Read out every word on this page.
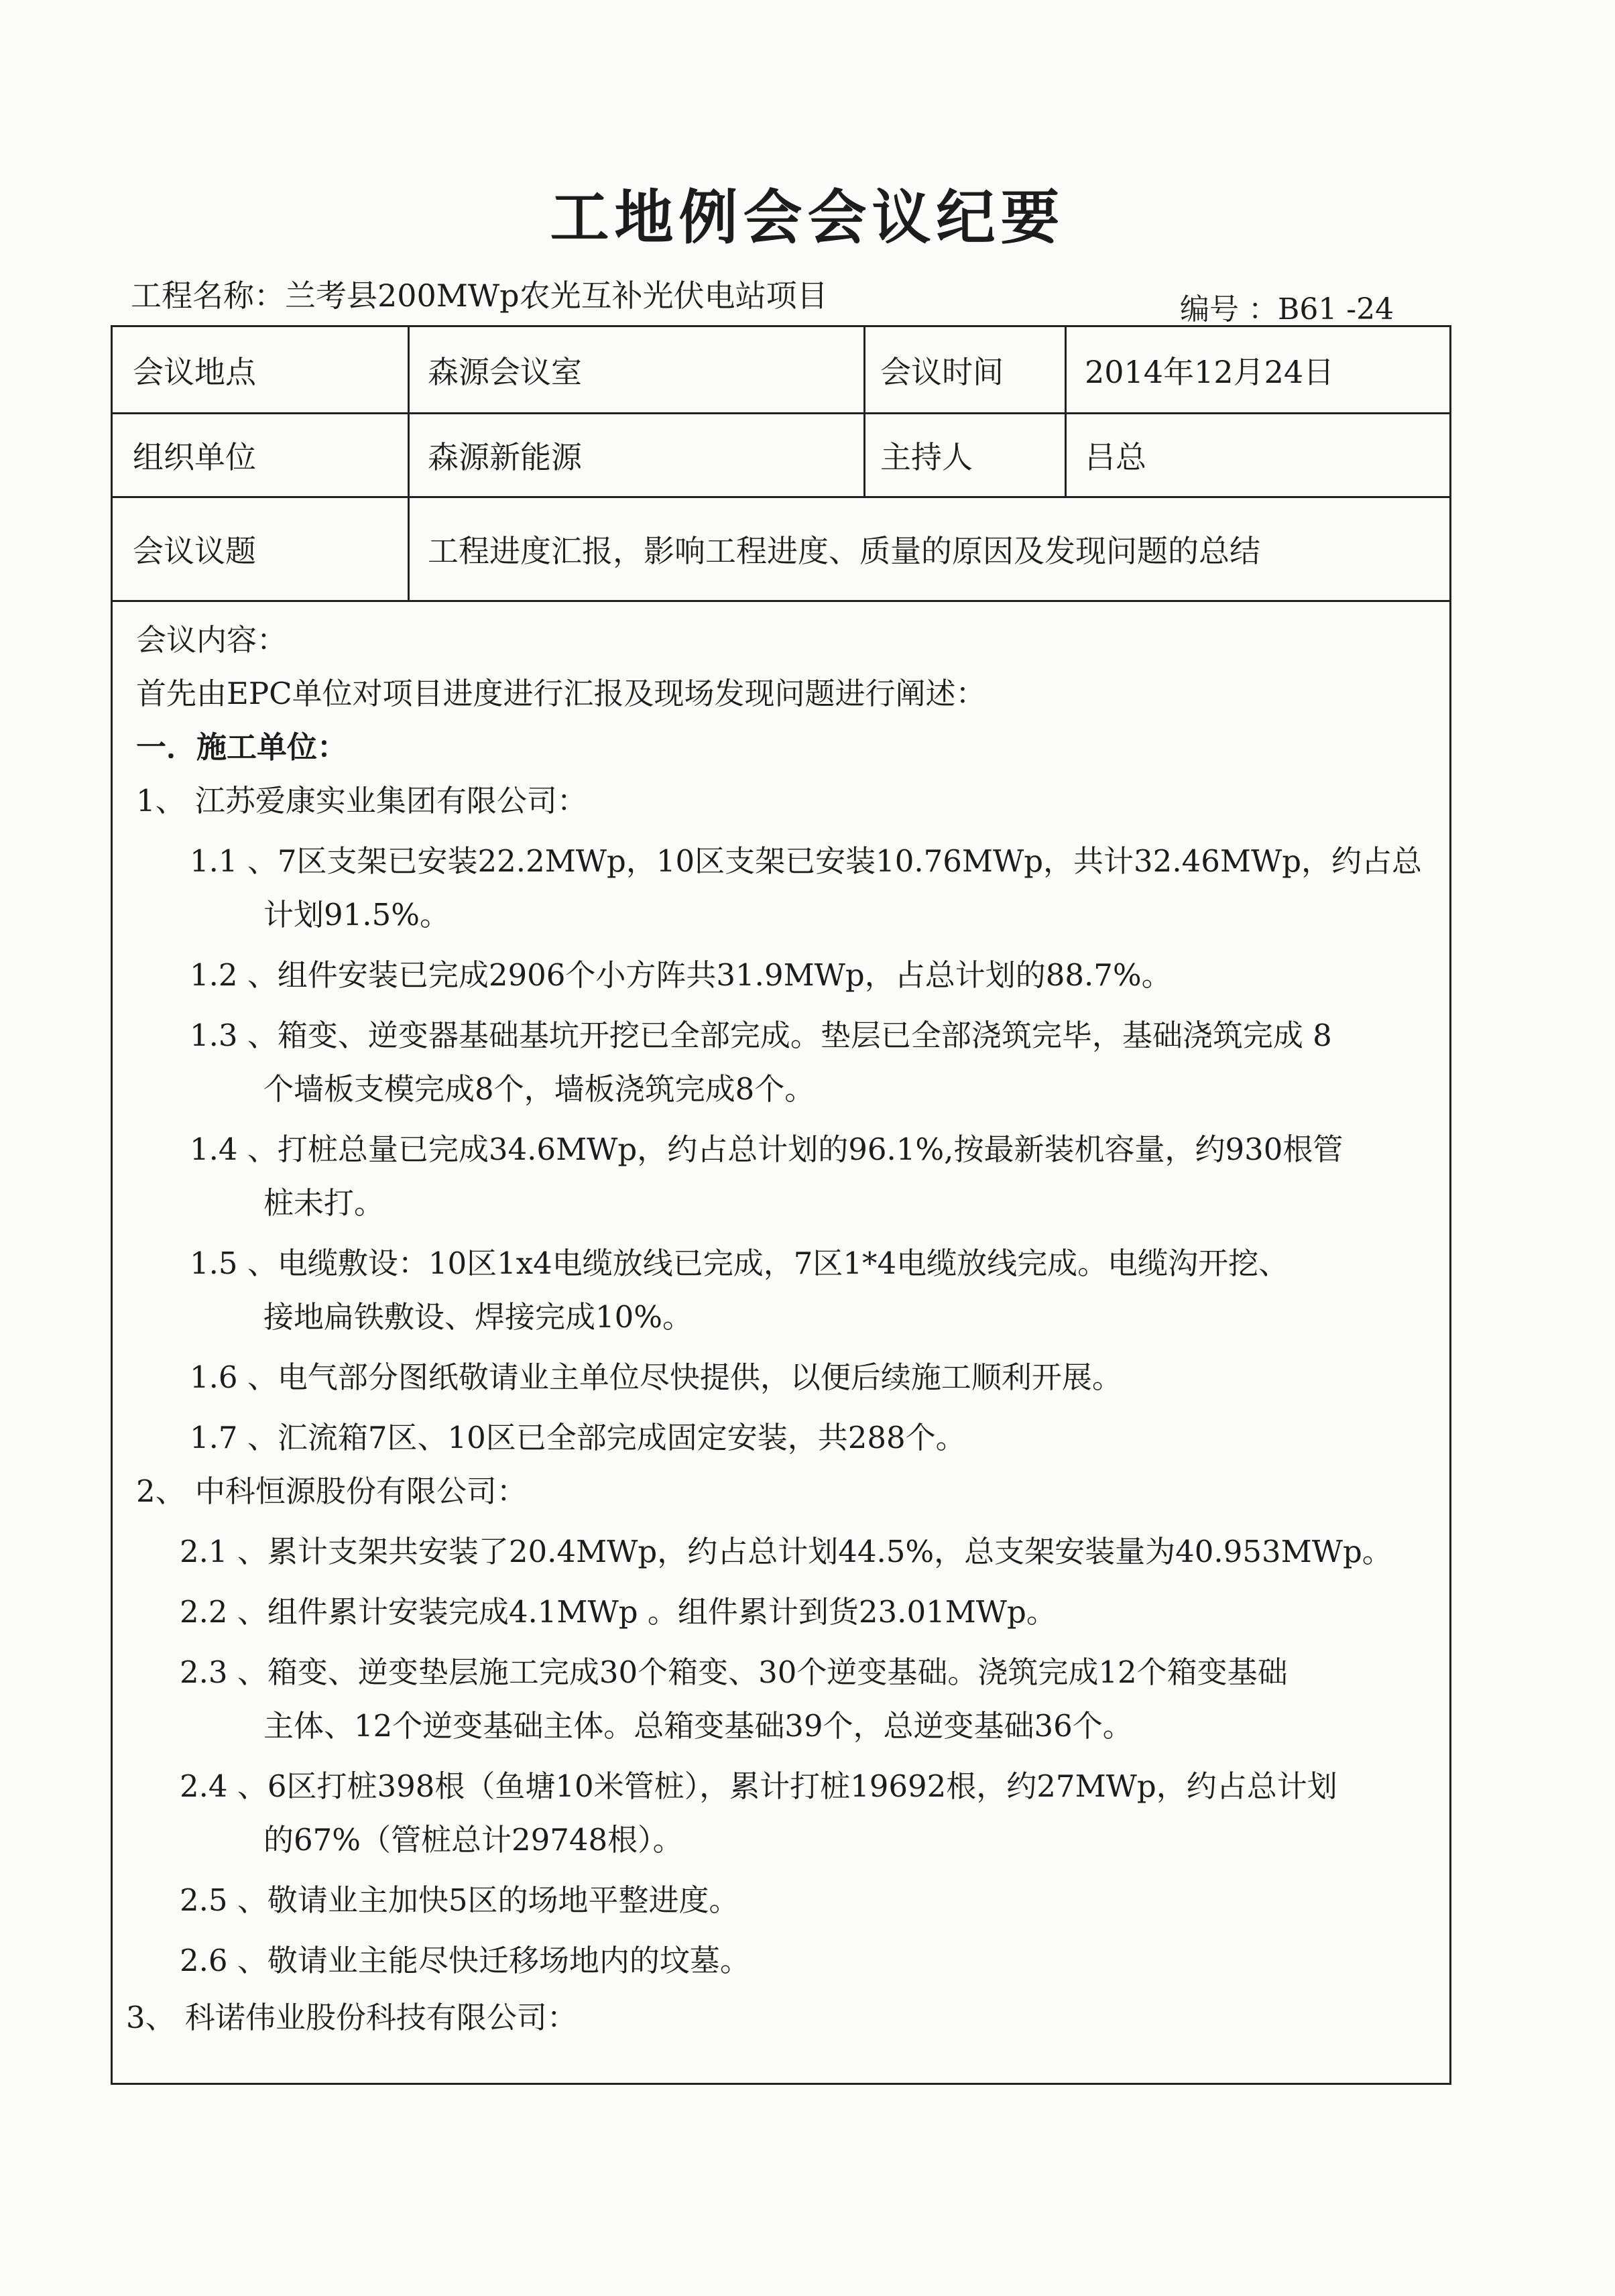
工地例会会议纪要
工程名称：兰考县200MWp农光互补光伏电站项目	编号 ：B61 -24
会议地点	森源会议室	会议时间	2014年12月24日
组织单位	森源新能源	主持人	吕总
会议议题	工程进度汇报，影响工程进度、质量的原因及发现问题的总结
会议内容：
首先由EPC单位对项目进度进行汇报及现场发现问题进行阐述：
一．施工单位：
1、 江苏爱康实业集团有限公司：
1.1 、7区支架已安装22.2MWp，10区支架已安装10.76MWp，共计32.46MWp，约占总
计划91.5%。
1.2 、组件安装已完成2906个小方阵共31.9MWp，占总计划的88.7%。
1.3 、箱变、逆变器基础基坑开挖已全部完成。垫层已全部浇筑完毕，基础浇筑完成 8
个墙板支模完成8个，墙板浇筑完成8个。
1.4 、打桩总量已完成34.6MWp，约占总计划的96.1%,按最新装机容量，约930根管
桩未打。
1.5 、电缆敷设：10区1x4电缆放线已完成，7区1*4电缆放线完成。电缆沟开挖、
接地扁铁敷设、焊接完成10%。
1.6 、电气部分图纸敬请业主单位尽快提供，以便后续施工顺利开展。
1.7 、汇流箱7区、10区已全部完成固定安装，共288个。
2、 中科恒源股份有限公司：
2.1 、累计支架共安装了20.4MWp，约占总计划44.5%，总支架安装量为40.953MWp。
2.2 、组件累计安装完成4.1MWp 。组件累计到货23.01MWp。
2.3 、箱变、逆变垫层施工完成30个箱变、30个逆变基础。浇筑完成12个箱变基础
主体、12个逆变基础主体。总箱变基础39个，总逆变基础36个。
2.4 、6区打桩398根（鱼塘10米管桩），累计打桩19692根，约27MWp，约占总计划
的67%（管桩总计29748根）。
2.5 、敬请业主加快5区的场地平整进度。
2.6 、敬请业主能尽快迁移场地内的坟墓。
3、 科诺伟业股份科技有限公司：
